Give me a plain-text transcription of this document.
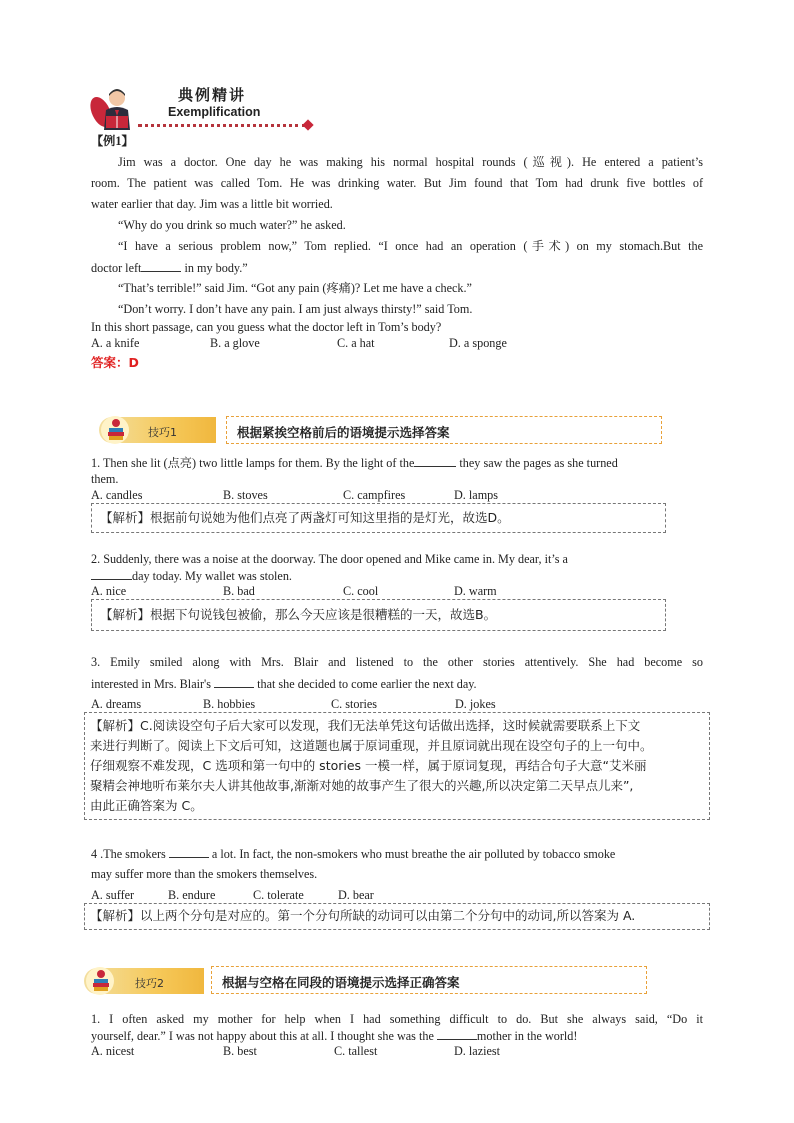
典例精讲
Exemplification
【例1】
Jim was a doctor. One day he was making his normal hospital rounds (巡视). He entered a patient’s
room. The patient was called Tom. He was drinking water. But Jim found that Tom had drunk five bottles of
water earlier that day. Jim was a little bit worried.
“Why do you drink so much water?” he asked.
“I have a serious problem now,” Tom replied. “I once had an operation (手术) on my stomach.But the
doctor left	in my body.”
“That’s terrible!” said Jim. “Got any pain (疼痛)? Let me have a check.”
“Don’t worry. I don’t have any pain. I am just always thirsty!” said Tom.
In this short passage, can you guess what the doctor left in Tom’s body?
A. a knife	B. a glove	C. a hat	D. a sponge
答案：D
技巧1	根据紧挨空格前后的语境提示选择答案
1. Then she lit (点亮) two little lamps for them. By the light of the	they saw the pages as she turned
them.
A. candles	B. stoves	C. campfires	D. lamps
【解析】根据前句说她为他们点亮了两盏灯可知这里指的是灯光，故选D。
2. Suddenly, there was a noise at the doorway. The door opened and Mike came in. My dear, it’s a
day today. My wallet was stolen.
A. nice	B. bad	C. cool	D. warm
【解析】根据下句说钱包被偷，那么今天应该是很糟糕的一天，故选B。
3. Emily smiled along with Mrs. Blair and listened to the other stories attentively. She had become so
interested in Mrs. Blair's	that she decided to come earlier the next day.
A. dreams	B. hobbies	C. stories	D. jokes
【解析】C.阅读设空句子后大家可以发现，我们无法单凭这句话做出选择，这时候就需要联系上下文
来进行判断了。阅读上下文后可知，这道题也属于原词重现，并且原词就出现在设空句子的上一句中。
仔细观察不难发现，C 选项和第一句中的 stories 一模一样，属于原词复现，再结合句子大意“艾米丽
聚精会神地听布莱尔夫人讲其他故事,渐渐对她的故事产生了很大的兴趣,所以决定第二天早点儿来”,
由此正确答案为 C。
4 .The smokers	a lot. In fact, the non-smokers who must breathe the air polluted by tobacco smoke
may suffer more than the smokers themselves.
A. suffer	B. endure	C. tolerate	D. bear
【解析】以上两个分句是对应的。第一个分句所缺的动词可以由第二个分句中的动词,所以答案为 A.
技巧2	根据与空格在同段的语境提示选择正确答案
1. I often asked my mother for help when I had something difficult to do. But she always said, “Do it
yourself, dear.” I was not happy about this at all. I thought she was the	mother in the world!
A. nicest	B. best	C. tallest	D. laziest
